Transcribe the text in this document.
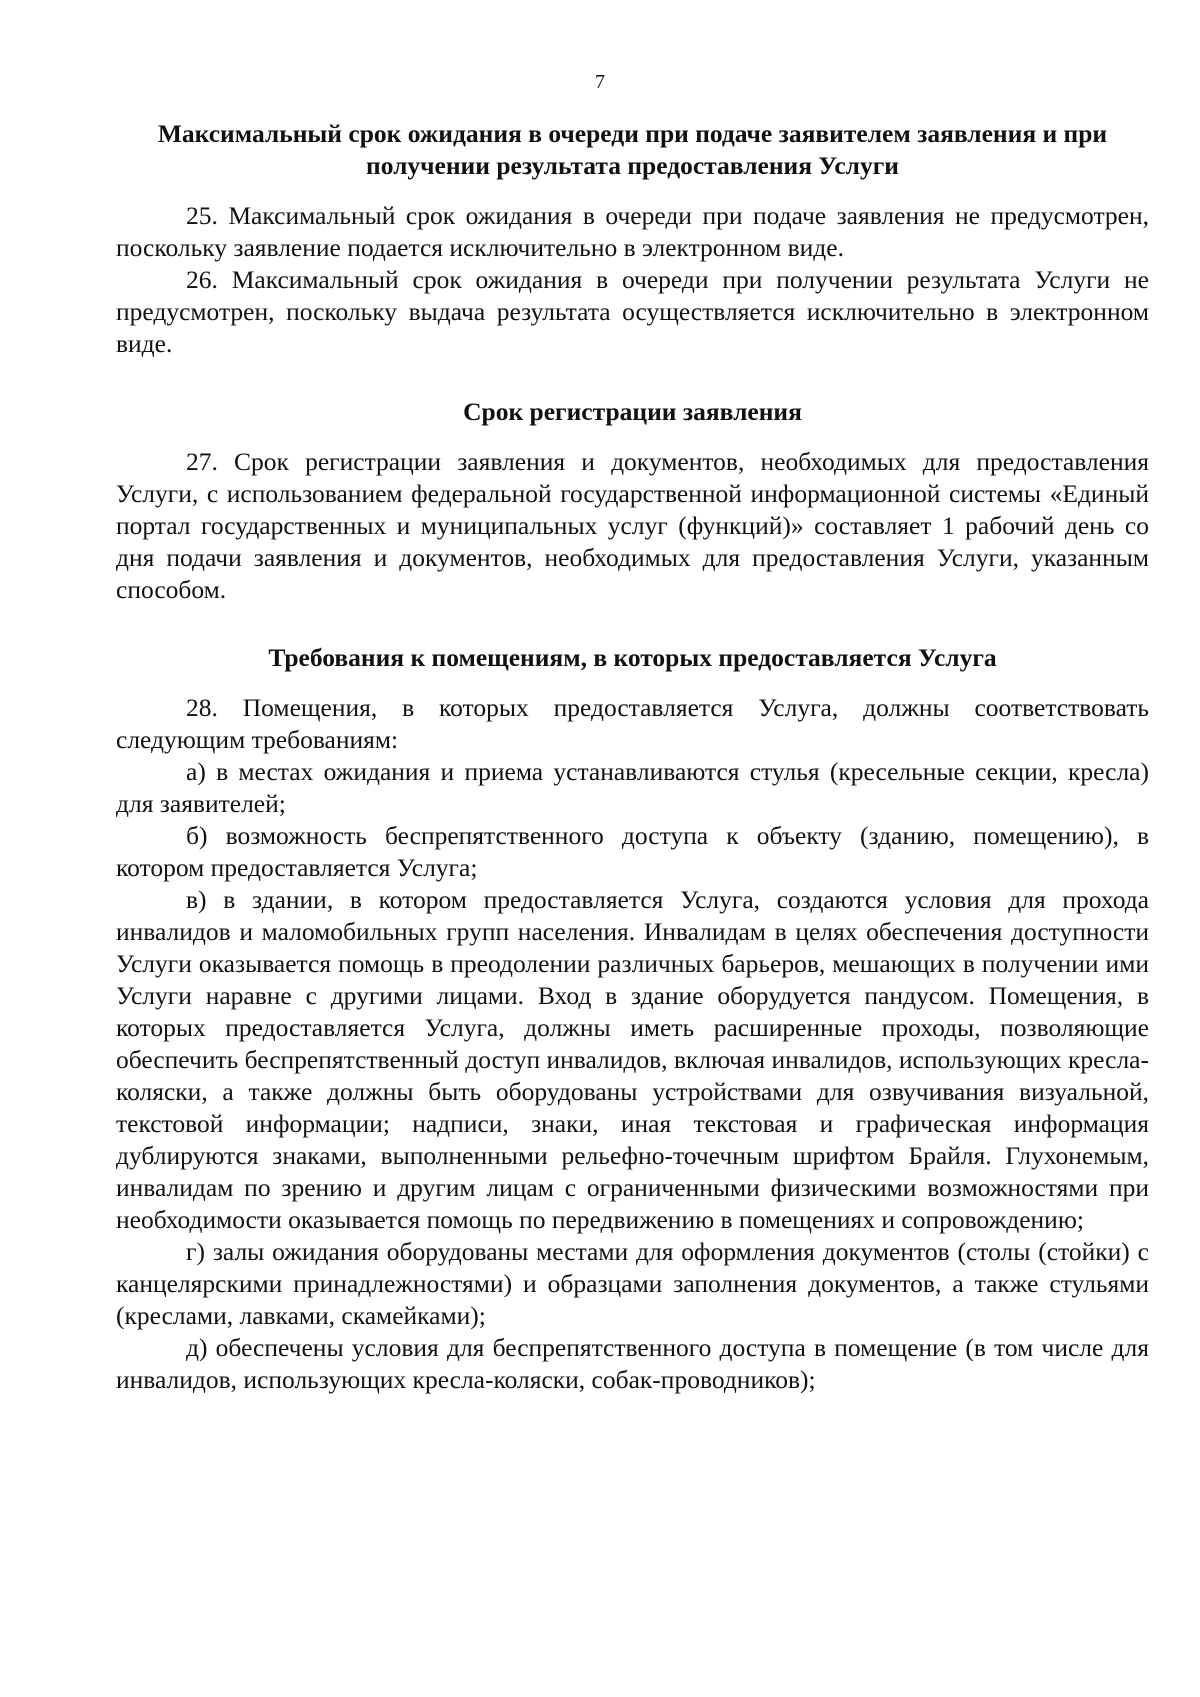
7
Максимальный срок ожидания в очереди при подаче заявителем заявления и при получении результата предоставления Услуги

25. Максимальный срок ожидания в очереди при подаче заявления не предусмотрен, поскольку заявление подается исключительно в электронном виде.

26. Максимальный срок ожидания в очереди при получении результата Услуги не предусмотрен, поскольку выдача результата осуществляется исключительно в электронном виде.

Срок регистрации заявления

27. Срок регистрации заявления и документов, необходимых для предоставления Услуги, с использованием федеральной государственной информационной системы «Единый портал государственных и муниципальных услуг (функций)» составляет 1 рабочий день со дня подачи заявления и документов, необходимых для предоставления Услуги, указанным способом.

Требования к помещениям, в которых предоставляется Услуга

28. Помещения, в которых предоставляется Услуга, должны соответствовать следующим требованиям:

а) в местах ожидания и приема устанавливаются стулья (кресельные секции, кресла) для заявителей;

б) возможность беспрепятственного доступа к объекту (зданию, помещению), в котором предоставляется Услуга;

в) в здании, в котором предоставляется Услуга, создаются условия для прохода инвалидов и маломобильных групп населения. Инвалидам в целях обеспечения доступности Услуги оказывается помощь в преодолении различных барьеров, мешающих в получении ими Услуги наравне с другими лицами. Вход в здание оборудуется пандусом. Помещения, в которых предоставляется Услуга, должны иметь расширенные проходы, позволяющие обеспечить беспрепятственный доступ инвалидов, включая инвалидов, использующих кресла-коляски, а также должны быть оборудованы устройствами для озвучивания визуальной, текстовой информации; надписи, знаки, иная текстовая и графическая информация дублируются знаками, выполненными рельефно-точечным шрифтом Брайля. Глухонемым, инвалидам по зрению и другим лицам с ограниченными физическими возможностями при необходимости оказывается помощь по передвижению в помещениях и сопровождению;

г) залы ожидания оборудованы местами для оформления документов (столы (стойки) с канцелярскими принадлежностями) и образцами заполнения документов, а также стульями (креслами, лавками, скамейками);

д) обеспечены условия для беспрепятственного доступа в помещение (в том числе для инвалидов, использующих кресла-коляски, собак-проводников);
